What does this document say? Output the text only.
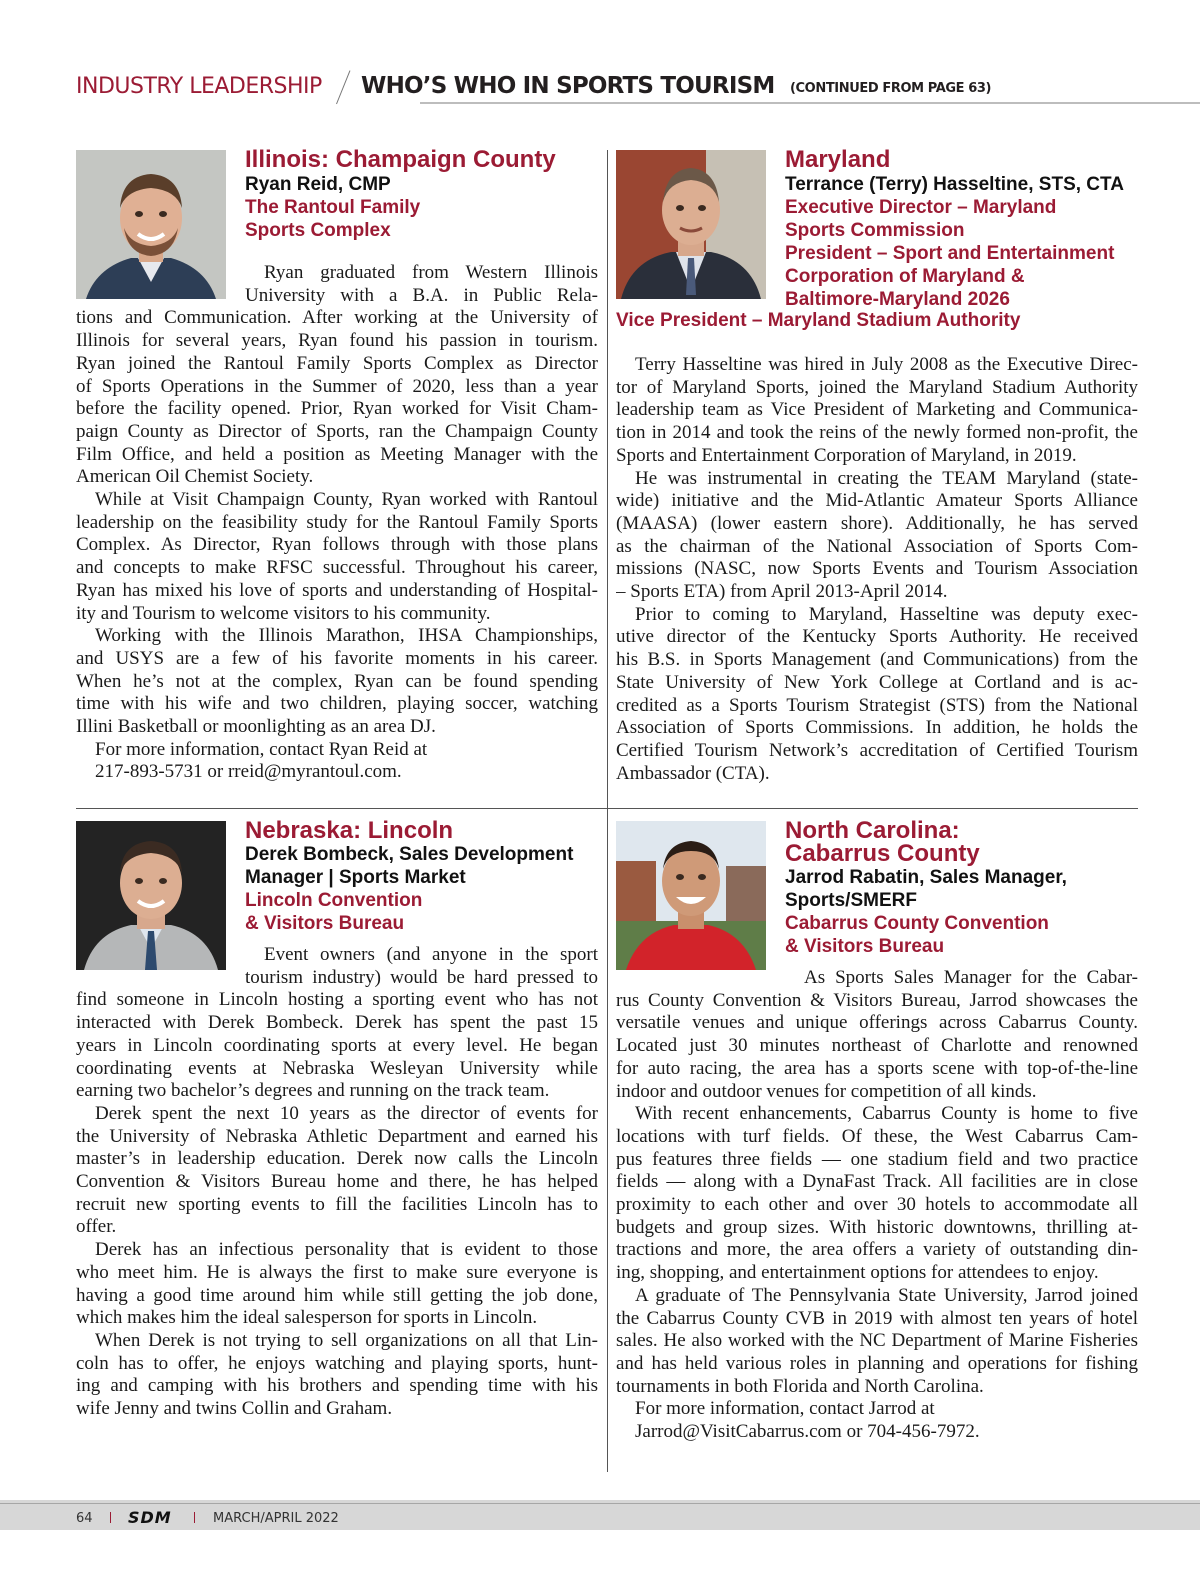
INDUSTRY LEADERSHIP WHO’S WHO IN SPORTS TOURISM (CONTINUED FROM PAGE 63)
Illinois: Champaign County
Ryan Reid, CMP
The Rantoul Family
Sports Complex
Ryan graduated from Western Illinois
University with a B.A. in Public Rela-
tions and Communication. After working at the University of
Illinois for several years, Ryan found his passion in tourism.
Ryan joined the Rantoul Family Sports Complex as Director
of Sports Operations in the Summer of 2020, less than a year
before the facility opened. Prior, Ryan worked for Visit Cham-
paign County as Director of Sports, ran the Champaign County
Film Office, and held a position as Meeting Manager with the
American Oil Chemist Society.
While at Visit Champaign County, Ryan worked with Rantoul
leadership on the feasibility study for the Rantoul Family Sports
Complex. As Director, Ryan follows through with those plans
and concepts to make RFSC successful. Throughout his career,
Ryan has mixed his love of sports and understanding of Hospital-
ity and Tourism to welcome visitors to his community.
Working with the Illinois Marathon, IHSA Championships,
and USYS are a few of his favorite moments in his career.
When he’s not at the complex, Ryan can be found spending
time with his wife and two children, playing soccer, watching
Illini Basketball or moonlighting as an area DJ.
For more information, contact Ryan Reid at
217-893-5731 or rreid@myrantoul.com.
Maryland
Terrance (Terry) Hasseltine, STS, CTA
Executive Director – Maryland
Sports Commission
President – Sport and Entertainment
Corporation of Maryland &
Baltimore-Maryland 2026
Vice President – Maryland Stadium Authority
Terry Hasseltine was hired in July 2008 as the Executive Direc-
tor of Maryland Sports, joined the Maryland Stadium Authority
leadership team as Vice President of Marketing and Communica-
tion in 2014 and took the reins of the newly formed non-profit, the
Sports and Entertainment Corporation of Maryland, in 2019.
He was instrumental in creating the TEAM Maryland (state-
wide) initiative and the Mid-Atlantic Amateur Sports Alliance
(MAASA) (lower eastern shore). Additionally, he has served
as the chairman of the National Association of Sports Com-
missions (NASC, now Sports Events and Tourism Association
– Sports ETA) from April 2013-April 2014.
Prior to coming to Maryland, Hasseltine was deputy exec-
utive director of the Kentucky Sports Authority. He received
his B.S. in Sports Management (and Communications) from the
State University of New York College at Cortland and is ac-
credited as a Sports Tourism Strategist (STS) from the National
Association of Sports Commissions. In addition, he holds the
Certified Tourism Network’s accreditation of Certified Tourism
Ambassador (CTA).
Nebraska: Lincoln
Derek Bombeck, Sales Development
Manager | Sports Market
Lincoln Convention
& Visitors Bureau
Event owners (and anyone in the sport
tourism industry) would be hard pressed to
find someone in Lincoln hosting a sporting event who has not
interacted with Derek Bombeck. Derek has spent the past 15
years in Lincoln coordinating sports at every level. He began
coordinating events at Nebraska Wesleyan University while
earning two bachelor’s degrees and running on the track team.
Derek spent the next 10 years as the director of events for
the University of Nebraska Athletic Department and earned his
master’s in leadership education. Derek now calls the Lincoln
Convention & Visitors Bureau home and there, he has helped
recruit new sporting events to fill the facilities Lincoln has to
offer.
Derek has an infectious personality that is evident to those
who meet him. He is always the first to make sure everyone is
having a good time around him while still getting the job done,
which makes him the ideal salesperson for sports in Lincoln.
When Derek is not trying to sell organizations on all that Lin-
coln has to offer, he enjoys watching and playing sports, hunt-
ing and camping with his brothers and spending time with his
wife Jenny and twins Collin and Graham.
North Carolina:
Cabarrus County
Jarrod Rabatin, Sales Manager,
Sports/SMERF
Cabarrus County Convention
& Visitors Bureau
As Sports Sales Manager for the Cabar-
rus County Convention & Visitors Bureau, Jarrod showcases the
versatile venues and unique offerings across Cabarrus County.
Located just 30 minutes northeast of Charlotte and renowned
for auto racing, the area has a sports scene with top-of-the-line
indoor and outdoor venues for competition of all kinds.
With recent enhancements, Cabarrus County is home to five
locations with turf fields. Of these, the West Cabarrus Cam-
pus features three fields — one stadium field and two practice
fields — along with a DynaFast Track. All facilities are in close
proximity to each other and over 30 hotels to accommodate all
budgets and group sizes. With historic downtowns, thrilling at-
tractions and more, the area offers a variety of outstanding din-
ing, shopping, and entertainment options for attendees to enjoy.
A graduate of The Pennsylvania State University, Jarrod joined
the Cabarrus County CVB in 2019 with almost ten years of hotel
sales. He also worked with the NC Department of Marine Fisheries
and has held various roles in planning and operations for fishing
tournaments in both Florida and North Carolina.
For more information, contact Jarrod at
Jarrod@VisitCabarrus.com or 704-456-7972.
64 SDM	MARCH/APRIL 2022
